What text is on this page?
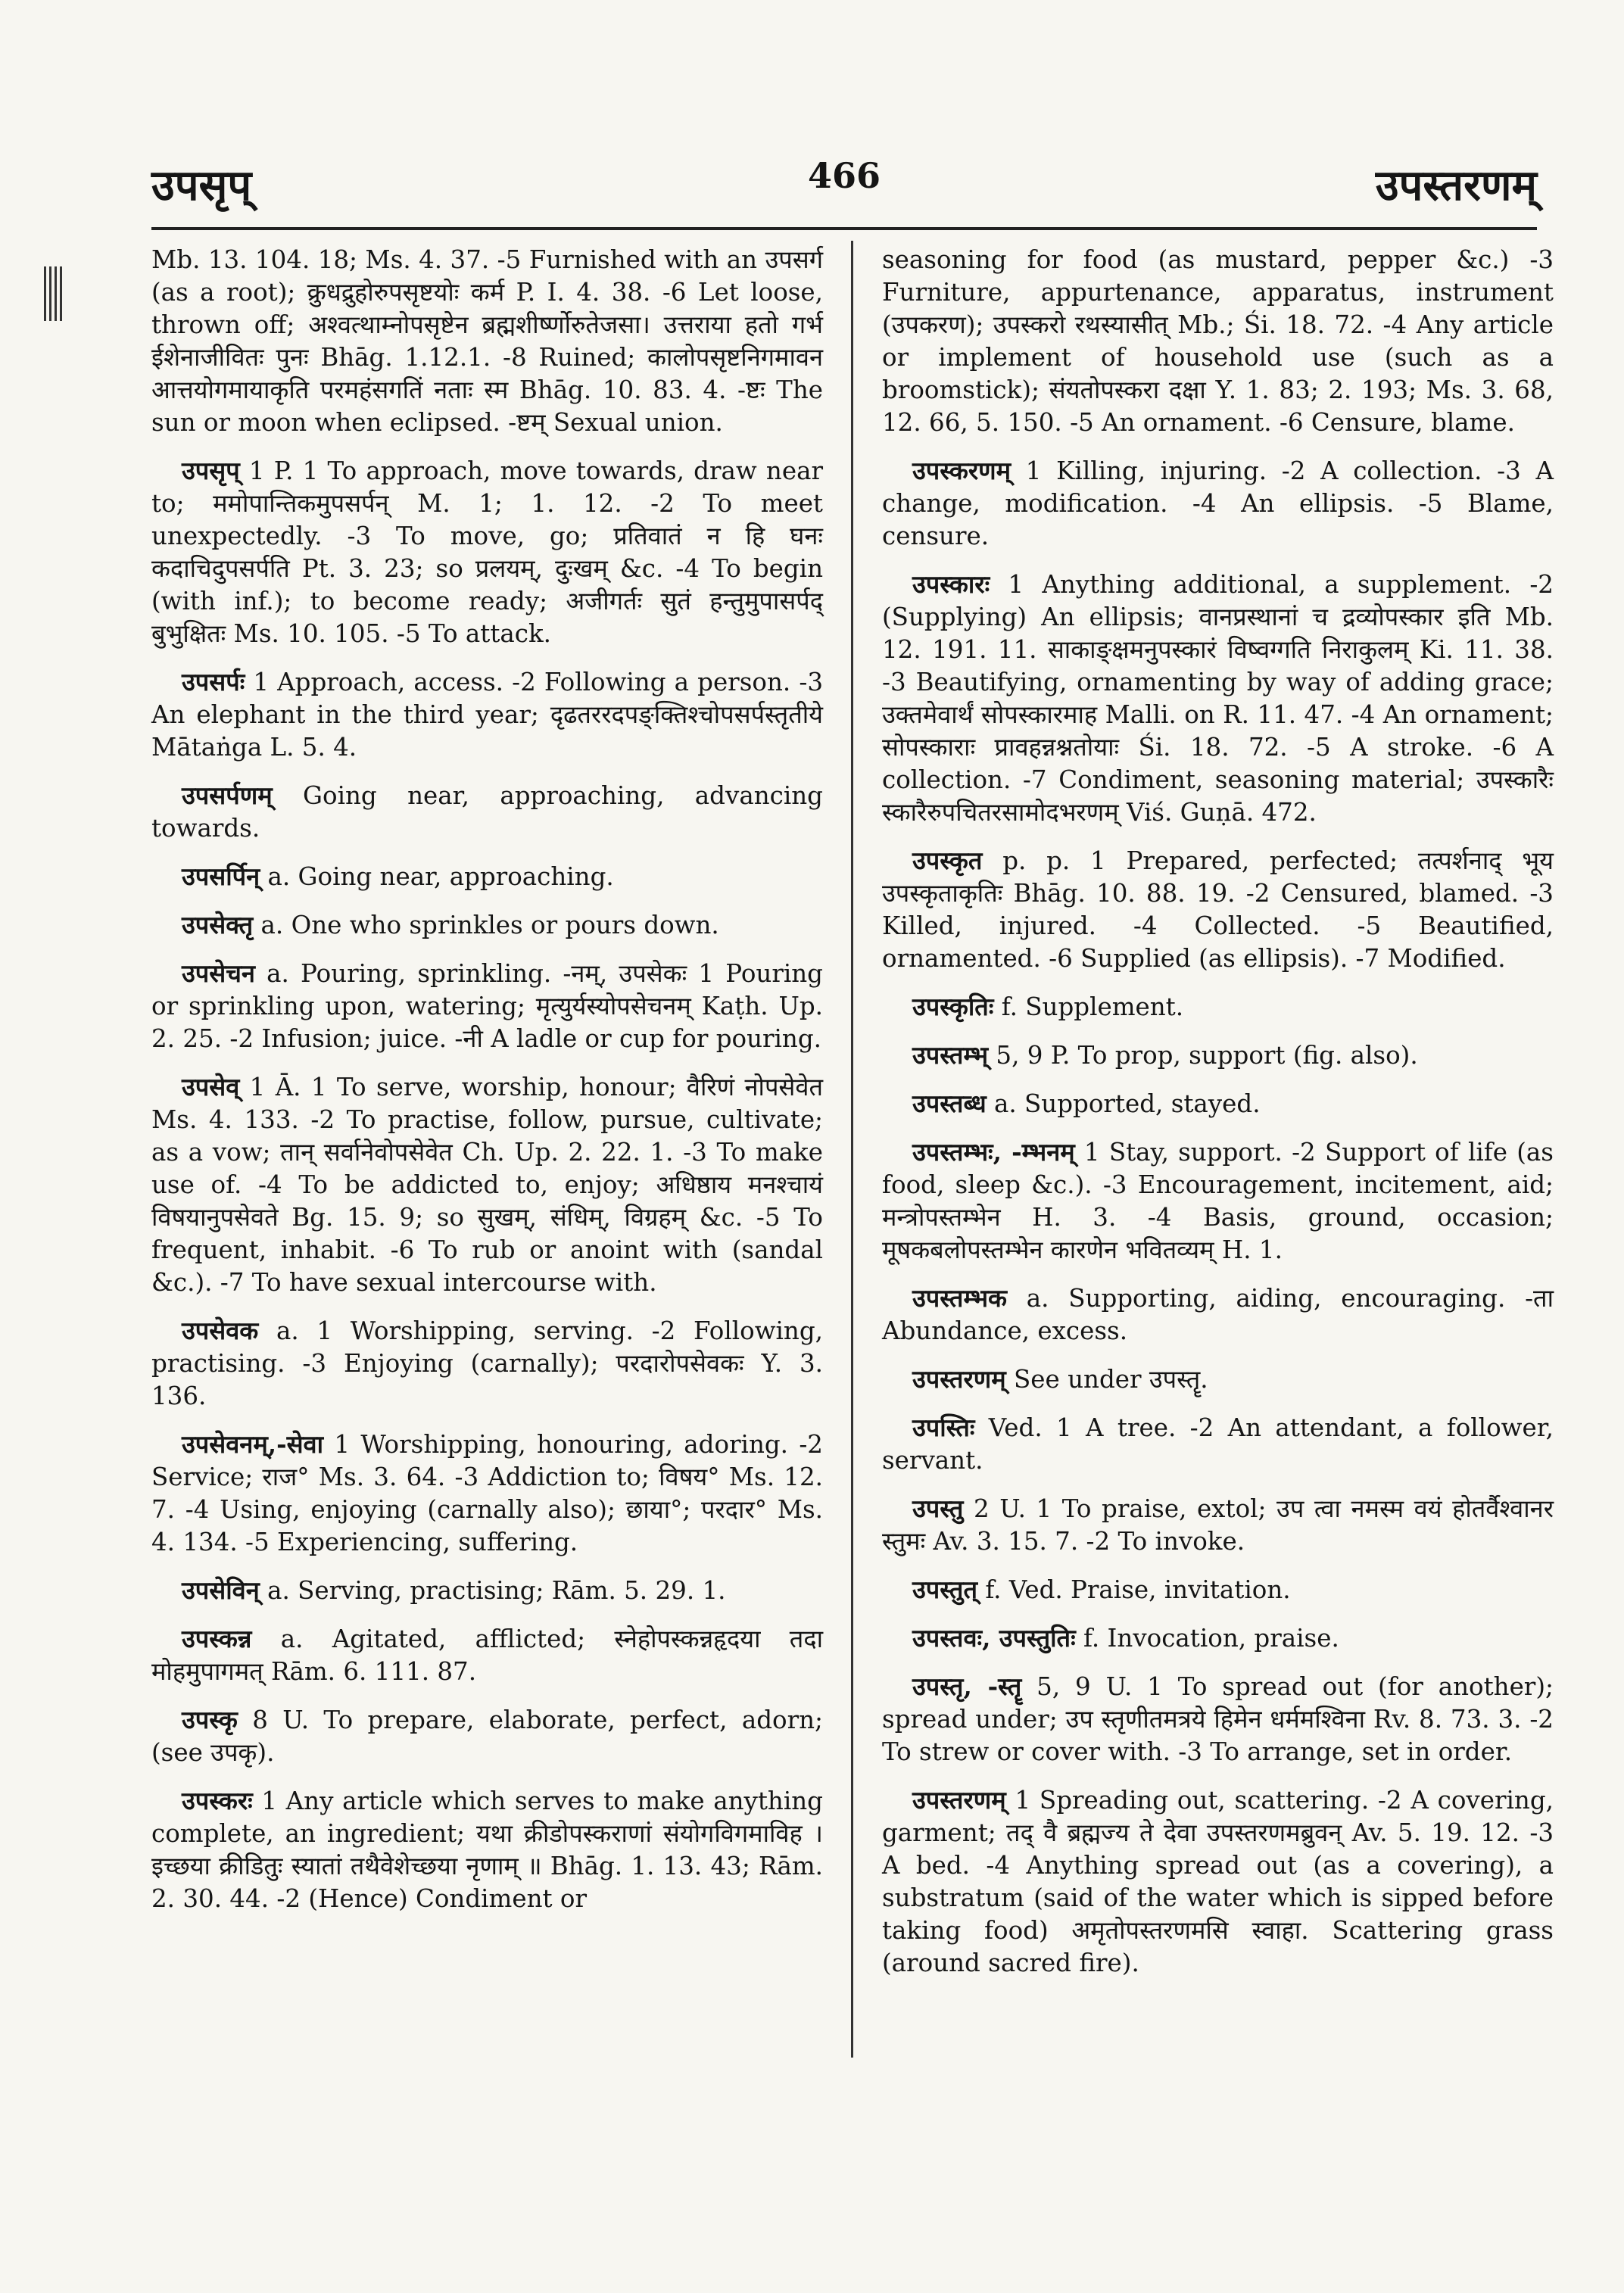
उपसृप्	466	उपस्तरणम्

Mb. 13. 104. 18; Ms. 4. 37. -5 Furnished with an उपसर्ग (as a root); क्रुधद्रुहोरुपसृष्टयोः कर्म P. I. 4. 38. -6 Let loose, thrown off; अश्वत्थाम्नोपसृष्टेन ब्रह्मशीर्ष्णोरुतेजसा। उत्तराया हतो गर्भ ईशेनाजीवितः पुनः Bhāg. 1.12.1. -8 Ruined; कालोपसृष्टनिगमावन आत्तयोगमायाकृति परमहंसगतिं नताः स्म Bhāg. 10. 83. 4. -ष्टः The sun or moon when eclipsed. -ष्टम् Sexual union.

उपसृप् 1 P. 1 To approach, move towards, draw near to; ममोपान्तिकमुपसर्पन् M. 1; 1. 12. -2 To meet unexpectedly. -3 To move, go; प्रतिवातं न हि घनः कदाचिदुपसर्पति Pt. 3. 23; so प्रलयम्, दुःखम् &c. -4 To begin (with inf.); to become ready; अजीगर्तः सुतं हन्तुमुपासर्पद् बुभुक्षितः Ms. 10. 105. -5 To attack.

उपसर्पः 1 Approach, access. -2 Following a person. -3 An elephant in the third year; दृढतररदपङ्क्तिश्चोपसर्पस्तृतीये Mātaṅga L. 5. 4.

उपसर्पणम् Going near, approaching, advancing towards.

उपसर्पिन् a. Going near, approaching.

उपसेक्तृ a. One who sprinkles or pours down.

उपसेचन a. Pouring, sprinkling. -नम्, उपसेकः 1 Pouring or sprinkling upon, watering; मृत्युर्यस्योपसेचनम् Kaṭh. Up. 2. 25. -2 Infusion; juice. -नी A ladle or cup for pouring.

उपसेव् 1 Ā. 1 To serve, worship, honour; वैरिणं नोपसेवेत Ms. 4. 133. -2 To practise, follow, pursue, cultivate; as a vow; तान् सर्वानेवोपसेवेत Ch. Up. 2. 22. 1. -3 To make use of. -4 To be addicted to, enjoy; अधिष्ठाय मनश्चायं विषयानुपसेवते Bg. 15. 9; so सुखम्, संधिम्, विग्रहम् &c. -5 To frequent, inhabit. -6 To rub or anoint with (sandal &c.). -7 To have sexual intercourse with.

उपसेवक a. 1 Worshipping, serving. -2 Following, practising. -3 Enjoying (carnally); परदारोपसेवकः Y. 3. 136.

उपसेवनम्,-सेवा 1 Worshipping, honouring, adoring. -2 Service; राज° Ms. 3. 64. -3 Addiction to; विषय° Ms. 12. 7. -4 Using, enjoying (carnally also); छाया°; परदार° Ms. 4. 134. -5 Experiencing, suffering.

उपसेविन् a. Serving, practising; Rām. 5. 29. 1.

उपस्कन्न a. Agitated, afflicted; स्नेहोपस्कन्नहृदया तदा मोहमुपागमत् Rām. 6. 111. 87.

उपस्कृ 8 U. To prepare, elaborate, perfect, adorn; (see उपकृ).

उपस्करः 1 Any article which serves to make anything complete, an ingredient; यथा क्रीडोपस्कराणां संयोगविगमाविह । इच्छया क्रीडितुः स्यातां तथैवेशेच्छया नृणाम् ॥ Bhāg. 1. 13. 43; Rām. 2. 30. 44. -2 (Hence) Condiment or

seasoning for food (as mustard, pepper &c.) -3 Furniture, appurtenance, apparatus, instrument (उपकरण); उपस्करो रथस्यासीत् Mb.; Śi. 18. 72. -4 Any article or implement of household use (such as a broomstick); संयतोपस्करा दक्षा Y. 1. 83; 2. 193; Ms. 3. 68, 12. 66, 5. 150. -5 An ornament. -6 Censure, blame.

उपस्करणम् 1 Killing, injuring. -2 A collection. -3 A change, modification. -4 An ellipsis. -5 Blame, censure.

उपस्कारः 1 Anything additional, a supplement. -2 (Supplying) An ellipsis; वानप्रस्थानां च द्रव्योपस्कार इति Mb. 12. 191. 11. साकाङ्क्षमनुपस्कारं विष्वग्गति निराकुलम् Ki. 11. 38. -3 Beautifying, ornamenting by way of adding grace; उक्तमेवार्थं सोपस्कारमाह Malli. on R. 11. 47. -4 An ornament; सोपस्काराः प्रावहन्नश्नतोयाः Śi. 18. 72. -5 A stroke. -6 A collection. -7 Condiment, seasoning material; उपस्कारैः स्कारैरुपचितरसामोदभरणम् Viś. Guṇā. 472.

उपस्कृत p. p. 1 Prepared, perfected; तत्पर्शनाद् भूय उपस्कृताकृतिः Bhāg. 10. 88. 19. -2 Censured, blamed. -3 Killed, injured. -4 Collected. -5 Beautified, ornamented. -6 Supplied (as ellipsis). -7 Modified.

उपस्कृतिः f. Supplement.

उपस्तम्भ् 5, 9 P. To prop, support (fig. also).

उपस्तब्ध a. Supported, stayed.

उपस्तम्भः, -म्भनम् 1 Stay, support. -2 Support of life (as food, sleep &c.). -3 Encouragement, incitement, aid; मन्त्रोपस्तम्भेन H. 3. -4 Basis, ground, occasion; मूषकबलोपस्तम्भेन कारणेन भवितव्यम् H. 1.

उपस्तम्भक a. Supporting, aiding, encouraging. -ता Abundance, excess.

उपस्तरणम् See under उपस्तॄ.

उपस्तिः Ved. 1 A tree. -2 An attendant, a follower, servant.

उपस्तु 2 U. 1 To praise, extol; उप त्वा नमस्म वयं होतर्वैश्वानर स्तुमः Av. 3. 15. 7. -2 To invoke.

उपस्तुत् f. Ved. Praise, invitation.

उपस्तवः, उपस्तुतिः f. Invocation, praise.

उपस्तृ, -स्तॄ 5, 9 U. 1 To spread out (for another); spread under; उप स्तृणीतमत्रये हिमेन धर्ममश्विना Rv. 8. 73. 3. -2 To strew or cover with. -3 To arrange, set in order.

उपस्तरणम् 1 Spreading out, scattering. -2 A covering, garment; तद् वै ब्रह्मज्य ते देवा उपस्तरणमब्रुवन् Av. 5. 19. 12. -3 A bed. -4 Anything spread out (as a covering), a substratum (said of the water which is sipped before taking food) अमृतोपस्तरणमसि स्वाहा. Scattering grass (around sacred fire).
